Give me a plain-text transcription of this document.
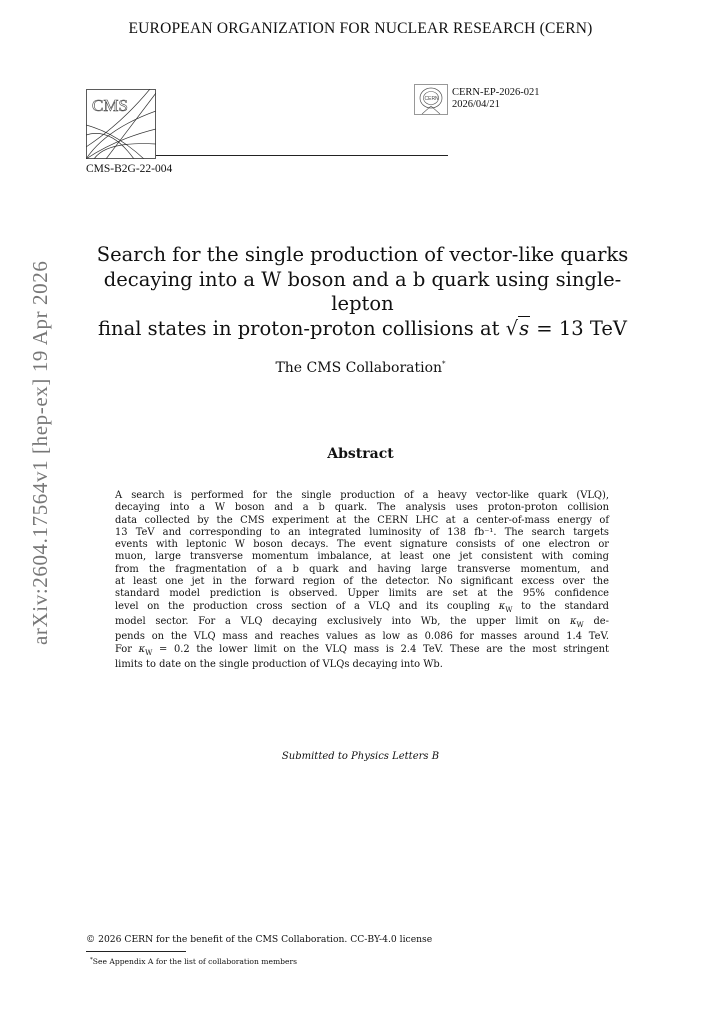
EUROPEAN ORGANIZATION FOR NUCLEAR RESEARCH (CERN)
CMS
CMS-B2G-22-004
CERN
CERN-EP-2026-021
2026/04/21
Search for the single production of vector-like quarks
decaying into a W boson and a b quark using single-lepton
final states in proton-proton collisions at √s = 13 TeV
The CMS Collaboration*
Abstract
A search is performed for the single production of a heavy vector-like quark (VLQ),
decaying into a W boson and a b quark. The analysis uses proton-proton collision
data collected by the CMS experiment at the CERN LHC at a center-of-mass energy of
13 TeV and corresponding to an integrated luminosity of 138 fb⁻¹. The search targets
events with leptonic W boson decays. The event signature consists of one electron or
muon, large transverse momentum imbalance, at least one jet consistent with coming
from the fragmentation of a b quark and having large transverse momentum, and
at least one jet in the forward region of the detector. No significant excess over the
standard model prediction is observed. Upper limits are set at the 95% confidence
level on the production cross section of a VLQ and its coupling $\kappa_W$ to the standard
model sector. For a VLQ decaying exclusively into Wb, the upper limit on $\kappa_W$ de-
pends on the VLQ mass and reaches values as low as 0.086 for masses around 1.4 TeV.
For $\kappa_W = 0.2$ the lower limit on the VLQ mass is 2.4 TeV. These are the most stringent
limits to date on the single production of VLQs decaying into Wb.
Submitted to Physics Letters B
arXiv:2604.17564v1 [hep-ex] 19 Apr 2026
© 2026 CERN for the benefit of the CMS Collaboration. CC-BY-4.0 license
*See Appendix A for the list of collaboration members
